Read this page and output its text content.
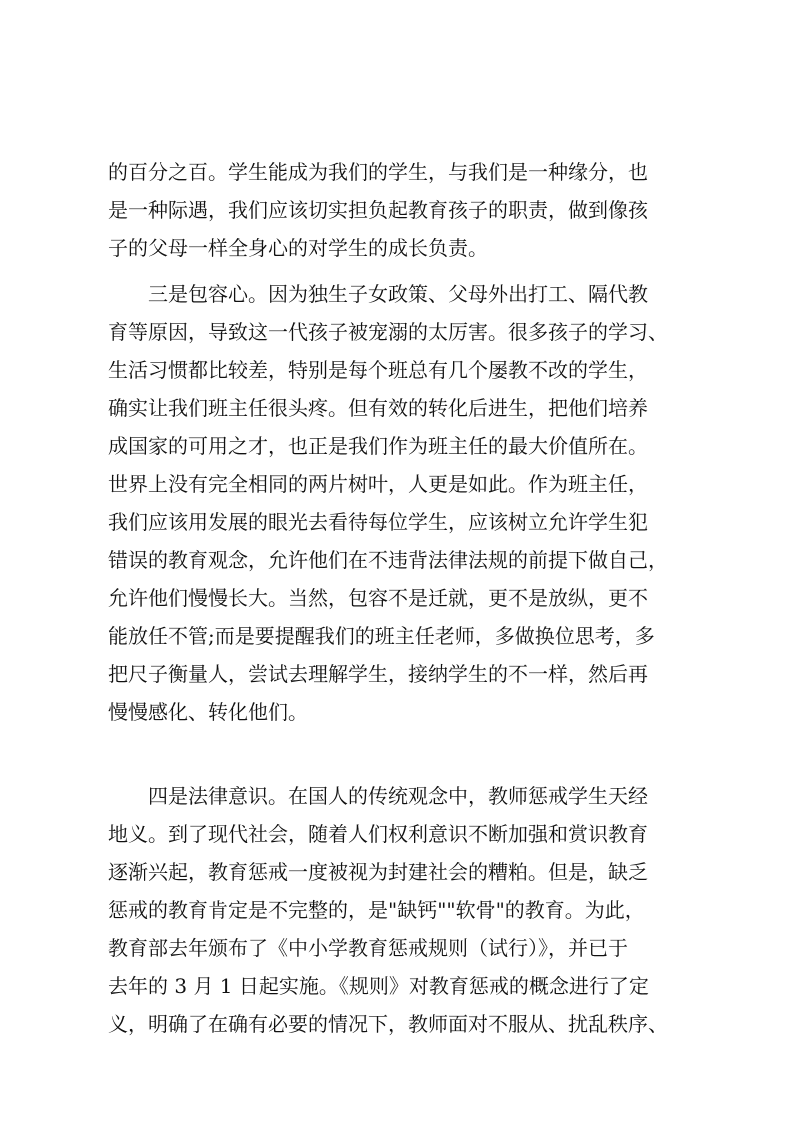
的百分之百。学生能成为我们的学生，与我们是一种缘分，也
是一种际遇，我们应该切实担负起教育孩子的职责，做到像孩
子的父母一样全身心的对学生的成长负责。

　　三是包容心。因为独生子女政策、父母外出打工、隔代教
育等原因，导致这一代孩子被宠溺的太厉害。很多孩子的学习、
生活习惯都比较差，特别是每个班总有几个屡教不改的学生，
确实让我们班主任很头疼。但有效的转化后进生，把他们培养
成国家的可用之才，也正是我们作为班主任的最大价值所在。
世界上没有完全相同的两片树叶，人更是如此。作为班主任，
我们应该用发展的眼光去看待每位学生，应该树立允许学生犯
错误的教育观念，允许他们在不违背法律法规的前提下做自己，
允许他们慢慢长大。当然，包容不是迁就，更不是放纵，更不
能放任不管;而是要提醒我们的班主任老师，多做换位思考，多
把尺子衡量人，尝试去理解学生，接纳学生的不一样，然后再
慢慢感化、转化他们。

　　四是法律意识。在国人的传统观念中，教师惩戒学生天经
地义。到了现代社会，随着人们权利意识不断加强和赏识教育
逐渐兴起，教育惩戒一度被视为封建社会的糟粕。但是，缺乏
惩戒的教育肯定是不完整的，是"缺钙""软骨"的教育。为此，
教育部去年颁布了《中小学教育惩戒规则（试行）》，并已于
去年的 3 月 1 日起实施。《规则》对教育惩戒的概念进行了定
义，明确了在确有必要的情况下，教师面对不服从、扰乱秩序、
